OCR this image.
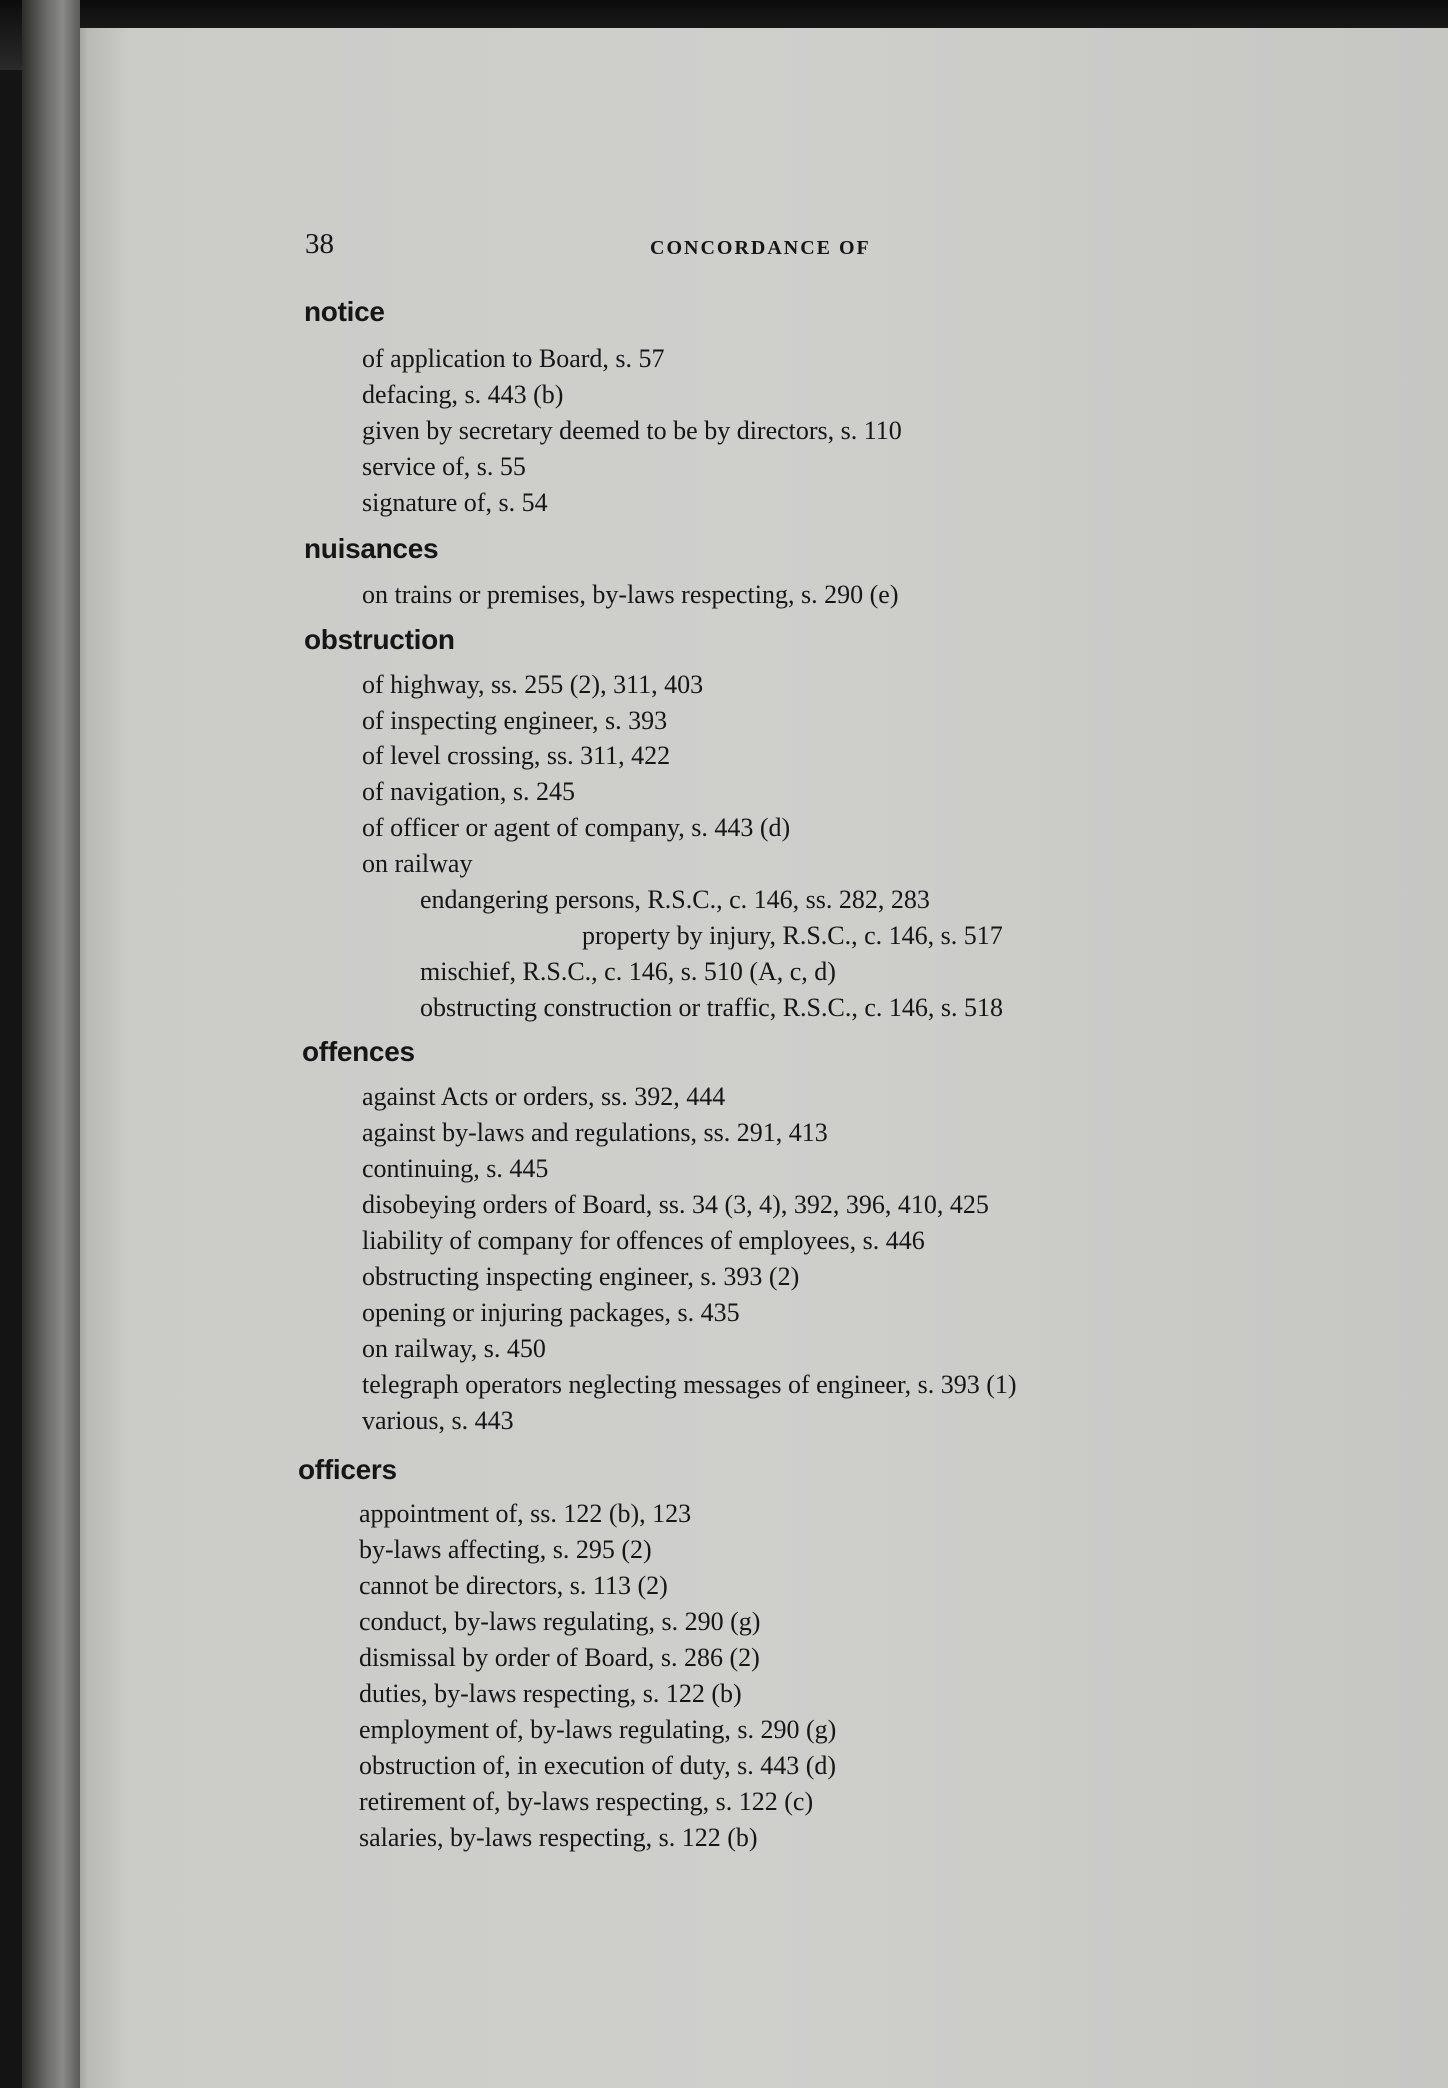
38	CONCORDANCE OF
notice
of application to Board, s. 57
defacing, s. 443 (b)
given by secretary deemed to be by directors, s. 110
service of, s. 55
signature of, s. 54
nuisances
on trains or premises, by-laws respecting, s. 290 (e)
obstruction
of highway, ss. 255 (2), 311, 403
of inspecting engineer, s. 393
of level crossing, ss. 311, 422
of navigation, s. 245
of officer or agent of company, s. 443 (d)
on railway
endangering persons, R.S.C., c. 146, ss. 282, 283
property by injury, R.S.C., c. 146, s. 517
mischief, R.S.C., c. 146, s. 510 (A, c, d)
obstructing construction or traffic, R.S.C., c. 146, s. 518
offences
against Acts or orders, ss. 392, 444
against by-laws and regulations, ss. 291, 413
continuing, s. 445
disobeying orders of Board, ss. 34 (3, 4), 392, 396, 410, 425
liability of company for offences of employees, s. 446
obstructing inspecting engineer, s. 393 (2)
opening or injuring packages, s. 435
on railway, s. 450
telegraph operators neglecting messages of engineer, s. 393 (1)
various, s. 443
officers
appointment of, ss. 122 (b), 123
by-laws affecting, s. 295 (2)
cannot be directors, s. 113 (2)
conduct, by-laws regulating, s. 290 (g)
dismissal by order of Board, s. 286 (2)
duties, by-laws respecting, s. 122 (b)
employment of, by-laws regulating, s. 290 (g)
obstruction of, in execution of duty, s. 443 (d)
retirement of, by-laws respecting, s. 122 (c)
salaries, by-laws respecting, s. 122 (b)
